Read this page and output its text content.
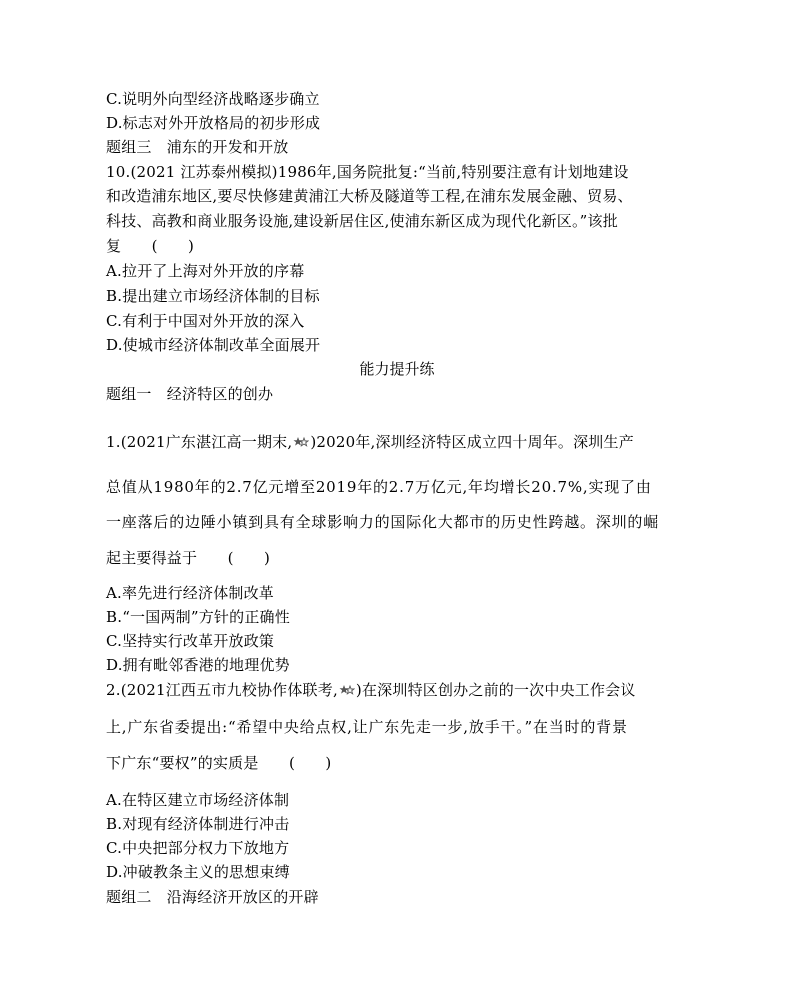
C.说明外向型经济战略逐步确立
D.标志对外开放格局的初步形成
题组三　浦东的开发和开放
10.(2021 江苏泰州模拟)1986年,国务院批复:“当前,特别要注意有计划地建设
和改造浦东地区,要尽快修建黄浦江大桥及隧道等工程,在浦东发展金融、贸易、
科技、高教和商业服务设施,建设新居住区,使浦东新区成为现代化新区。”该批
复　　(　　)
A.拉开了上海对外开放的序幕
B.提出建立市场经济体制的目标
C.有利于中国对外开放的深入
D.使城市经济体制改革全面展开
能力提升练
题组一　经济特区的创办
1.(2021广东湛江高一期末, )2020年,深圳经济特区成立四十周年。深圳生产
总值从1980年的2.7亿元增至2019年的2.7万亿元,年均增长20.7%,实现了由
一座落后的边陲小镇到具有全球影响力的国际化大都市的历史性跨越。深圳的崛
起主要得益于　　(　　)
A.率先进行经济体制改革
B.“一国两制”方针的正确性
C.坚持实行改革开放政策
D.拥有毗邻香港的地理优势
2.(2021江西五市九校协作体联考, )在深圳特区创办之前的一次中央工作会议
上,广东省委提出:“希望中央给点权,让广东先走一步,放手干。”在当时的背景
下广东“要权”的实质是　　(　　)
A.在特区建立市场经济体制
B.对现有经济体制进行冲击
C.中央把部分权力下放地方
D.冲破教条主义的思想束缚
题组二　沿海经济开放区的开辟
